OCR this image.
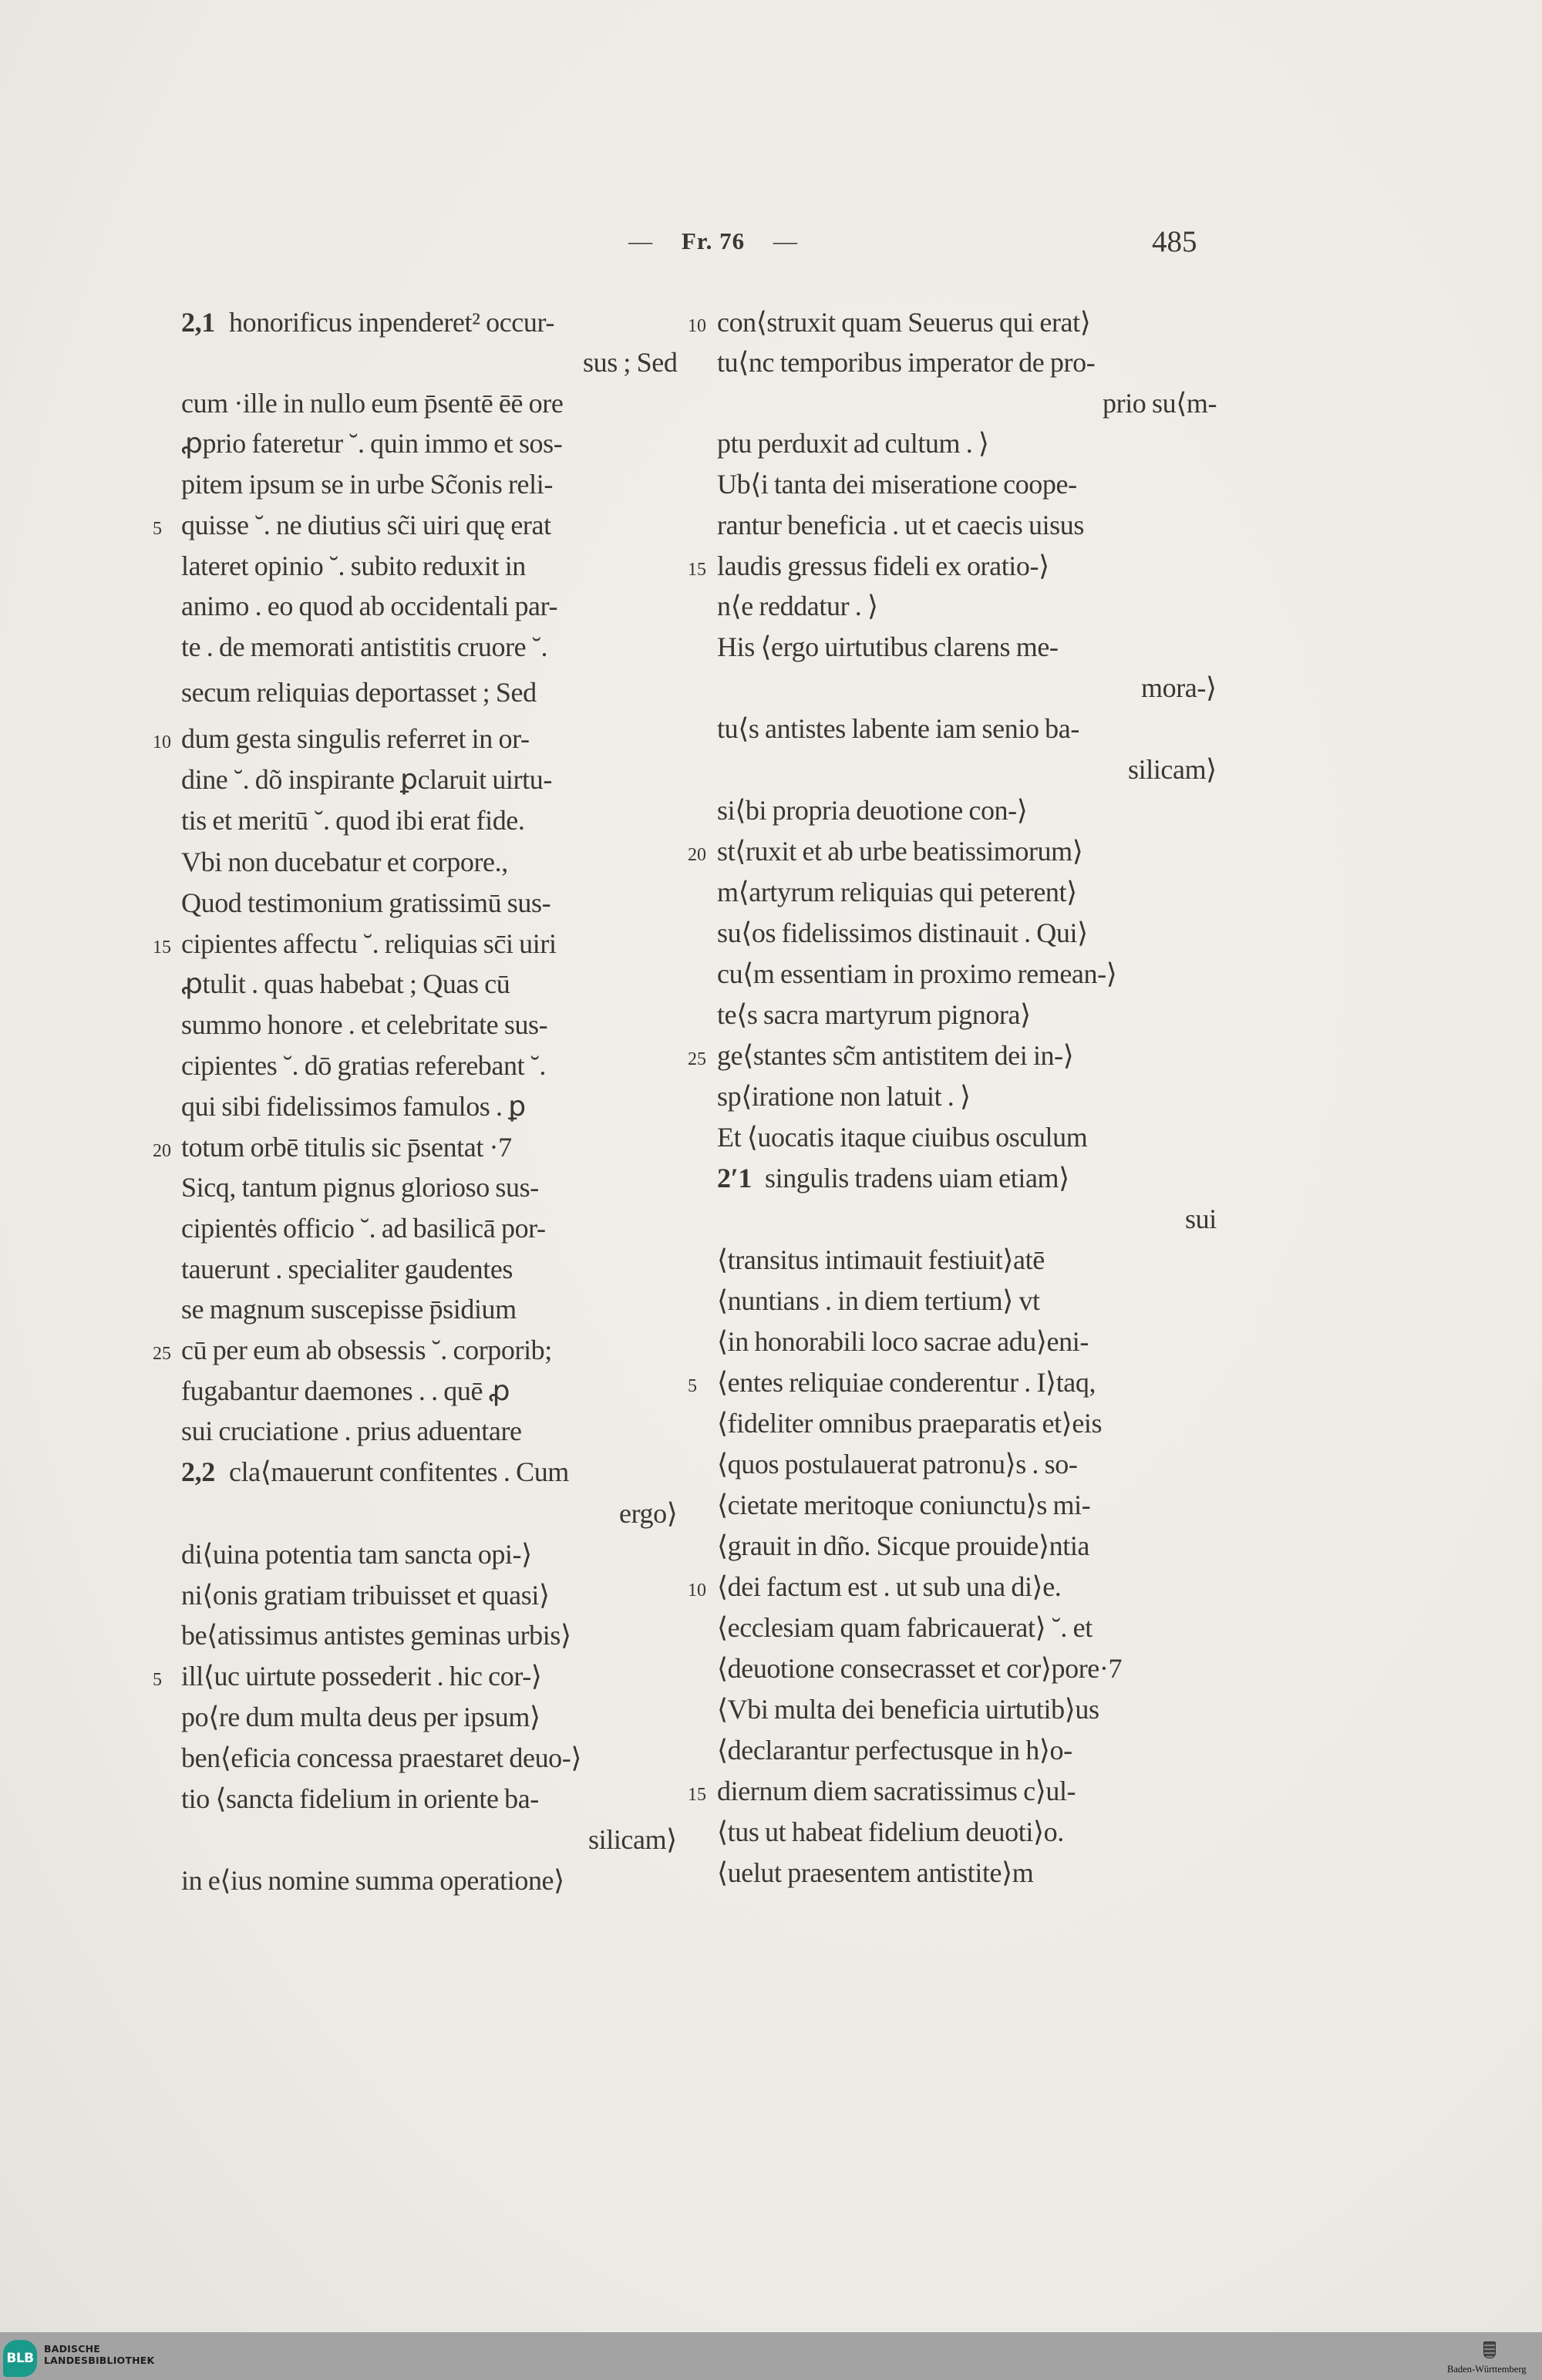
— Fr. 76 —	485
2,1 honorificus inpenderet² occur-
sus ; Sed
cum ·ille in nullo eum p̄sentē ēē ore
ꝓprio fateretur ˘. quin immo et sos-
pitem ipsum se in urbe Sc̃onis reli-
5 quisse ˘. ne diutius sc̃i uiri quę erat
lateret opinio ˘. subito reduxit in
animo . eo quod ab occidentali par-
te . de memorati antistitis cruore ˘.
secum reliquias deportasset ; Sed
10 dum gesta singulis referret in or-
dine ˘. dõ inspirante ꝑclaruit uirtu-
tis et meritū ˘. quod ibi erat fide.
Vbi non ducebatur et corpore.,
Quod testimonium gratissimū sus-
15 cipientes affectu ˘. reliquias sc̄i uiri
ꝓtulit . quas habebat ; Quas cū
summo honore . et celebritate sus-
cipientes ˘. dō gratias referebant ˘.
qui sibi fidelissimos famulos . ꝑ
20 totum orbē titulis sic p̄sentat ·7
Sicq, tantum pignus glorioso sus-
cipientės officio ˘. ad basilicā por-
tauerunt . specialiter gaudentes
se magnum suscepisse p̄sidium
25 cū per eum ab obsessis ˘. corporib;
fugabantur daemones . . quē ꝓ
sui cruciatione . prius aduentare
2,2 cla⟨mauerunt confitentes . Cum
ergo⟩
di⟨uina potentia tam sancta opi-⟩
ni⟨onis gratiam tribuisset et quasi⟩
be⟨atissimus antistes geminas urbis⟩
5 ill⟨uc uirtute possederit . hic cor-⟩
po⟨re dum multa deus per ipsum⟩
ben⟨eficia concessa praestaret deuo-⟩
tio ⟨sancta fidelium in oriente ba-
silicam⟩
in e⟨ius nomine summa operatione⟩
10 con⟨struxit quam Seuerus qui erat⟩
tu⟨nc temporibus imperator de pro-
prio su⟨m-
ptu perduxit ad cultum . ⟩
Ub⟨i tanta dei miseratione coope-
rantur beneficia . ut et caecis uisus
15 laudis gressus fideli ex oratio-⟩
n⟨e reddatur . ⟩
His ⟨ergo uirtutibus clarens me-
mora-⟩
tu⟨s antistes labente iam senio ba-
silicam⟩
si⟨bi propria deuotione con-⟩
20 st⟨ruxit et ab urbe beatissimorum⟩
m⟨artyrum reliquias qui peterent⟩
su⟨os fidelissimos distinauit . Qui⟩
cu⟨m essentiam in proximo remean-⟩
te⟨s sacra martyrum pignora⟩
25 ge⟨stantes sc̃m antistitem dei in-⟩
sp⟨iratione non latuit . ⟩
Et ⟨uocatis itaque ciuibus osculum
2′1 singulis tradens uiam etiam⟩
sui
⟨transitus intimauit festiuit⟩atē
⟨nuntians . in diem tertium⟩ vt
⟨in honorabili loco sacrae adu⟩eni-
5 ⟨entes reliquiae conderentur . I⟩taq,
⟨fideliter omnibus praeparatis et⟩eis
⟨quos postulauerat patronu⟩s . so-
⟨cietate meritoque coniunctu⟩s mi-
⟨grauit in dño. Sicque prouide⟩ntia
10 ⟨dei factum est . ut sub una di⟩e.
⟨ecclesiam quam fabricauerat⟩ ˘. et
⟨deuotione consecrasset et cor⟩pore·7
⟨Vbi multa dei beneficia uirtutib⟩us
⟨declarantur perfectusque in h⟩o-
15 diernum diem sacratissimus c⟩ul-
⟨tus ut habeat fidelium deuoti⟩o.
⟨uelut praesentem antistite⟩m
BLB
BADISCHE
LANDESBIBLIOTHEK
Baden-Württemberg
